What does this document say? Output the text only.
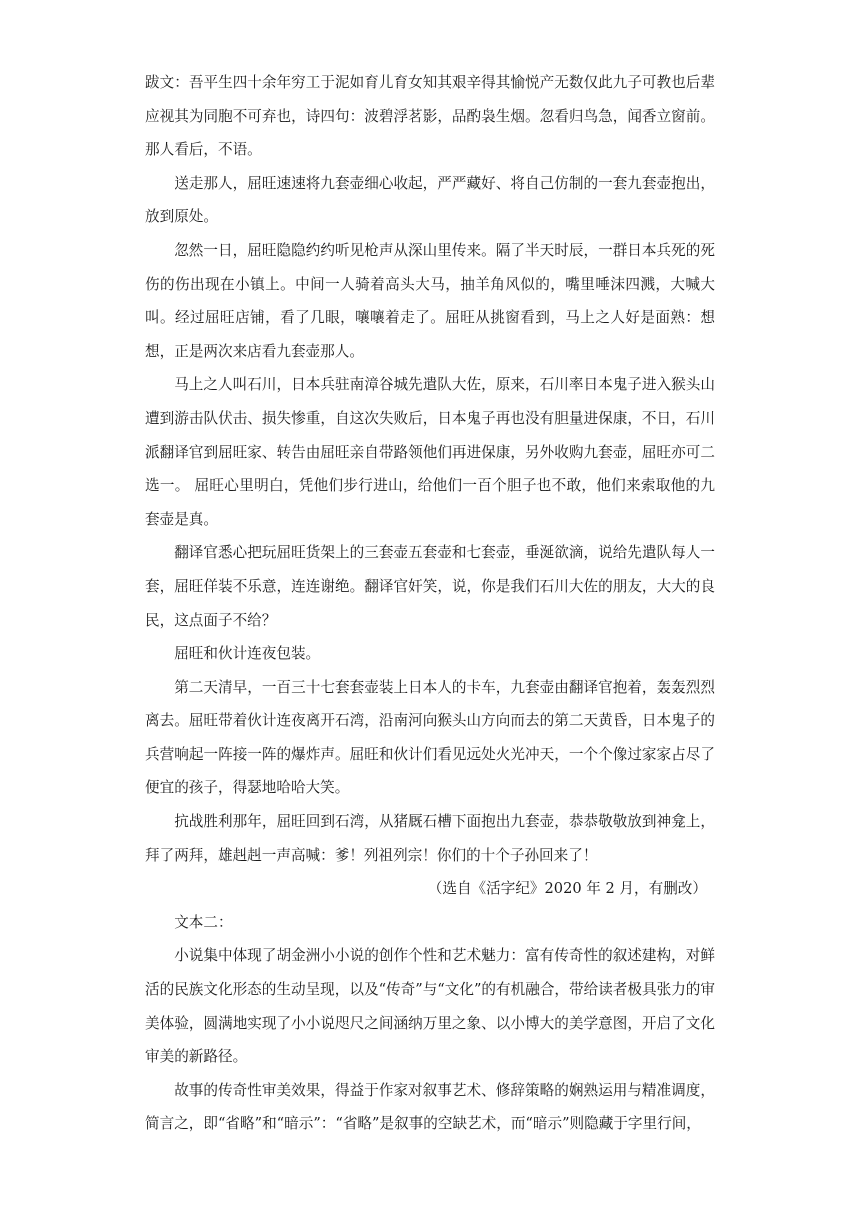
跋文：吾平生四十余年穷工于泥如育儿育女知其艰辛得其愉悦产无数仅此九子可教也后辈应视其为同胞不可弃也，诗四句：波碧浮茗影，品酌袅生烟。忽看归鸟急，闻香立窗前。那人看后，不语。

送走那人，屈旺速速将九套壶细心收起，严严藏好、将自己仿制的一套九套壶抱出，放到原处。

忽然一日，屈旺隐隐约约听见枪声从深山里传来。隔了半天时辰，一群日本兵死的死伤的伤出现在小镇上。中间一人骑着高头大马，抽羊角风似的，嘴里唾沫四溅，大喊大叫。经过屈旺店铺，看了几眼，嚷嚷着走了。屈旺从挑窗看到，马上之人好是面熟：想想，正是两次来店看九套壶那人。

马上之人叫石川，日本兵驻南漳谷城先遣队大佐，原来，石川率日本鬼子进入猴头山遭到游击队伏击、损失惨重，自这次失败后，日本鬼子再也没有胆量进保康，不日，石川派翻译官到屈旺家、转告由屈旺亲自带路领他们再进保康，另外收购九套壶，屈旺亦可二选一。 屈旺心里明白，凭他们步行进山，给他们一百个胆子也不敢，他们来索取他的九套壶是真。

翻译官悉心把玩屈旺货架上的三套壶五套壶和七套壶，垂涎欲滴，说给先遣队每人一套，屈旺佯装不乐意，连连谢绝。翻译官奸笑，说，你是我们石川大佐的朋友，大大的良民，这点面子不给？

屈旺和伙计连夜包装。

第二天清早，一百三十七套套壶装上日本人的卡车，九套壶由翻译官抱着，轰轰烈烈离去。屈旺带着伙计连夜离开石湾，沿南河向猴头山方向而去的第二天黄昏，日本鬼子的兵营响起一阵接一阵的爆炸声。屈旺和伙计们看见远处火光冲天，一个个像过家家占尽了便宜的孩子，得瑟地哈哈大笑。

抗战胜利那年，屈旺回到石湾，从猪厩石槽下面抱出九套壶，恭恭敬敬放到神龛上，拜了两拜，雄赳赳一声高喊：爹！列祖列宗！你们的十个子孙回来了！

（选自《活字纪》2020 年 2 月，有删改）

文本二：

小说集中体现了胡金洲小小说的创作个性和艺术魅力：富有传奇性的叙述建构，对鲜活的民族文化形态的生动呈现，以及“传奇”与“文化”的有机融合，带给读者极具张力的审美体验，圆满地实现了小小说咫尺之间涵纳万里之象、以小博大的美学意图，开启了文化审美的新路径。

故事的传奇性审美效果，得益于作家对叙事艺术、修辞策略的娴熟运用与精准调度，简言之，即“省略”和“暗示”：“省略”是叙事的空缺艺术，而“暗示”则隐藏于字里行间，
